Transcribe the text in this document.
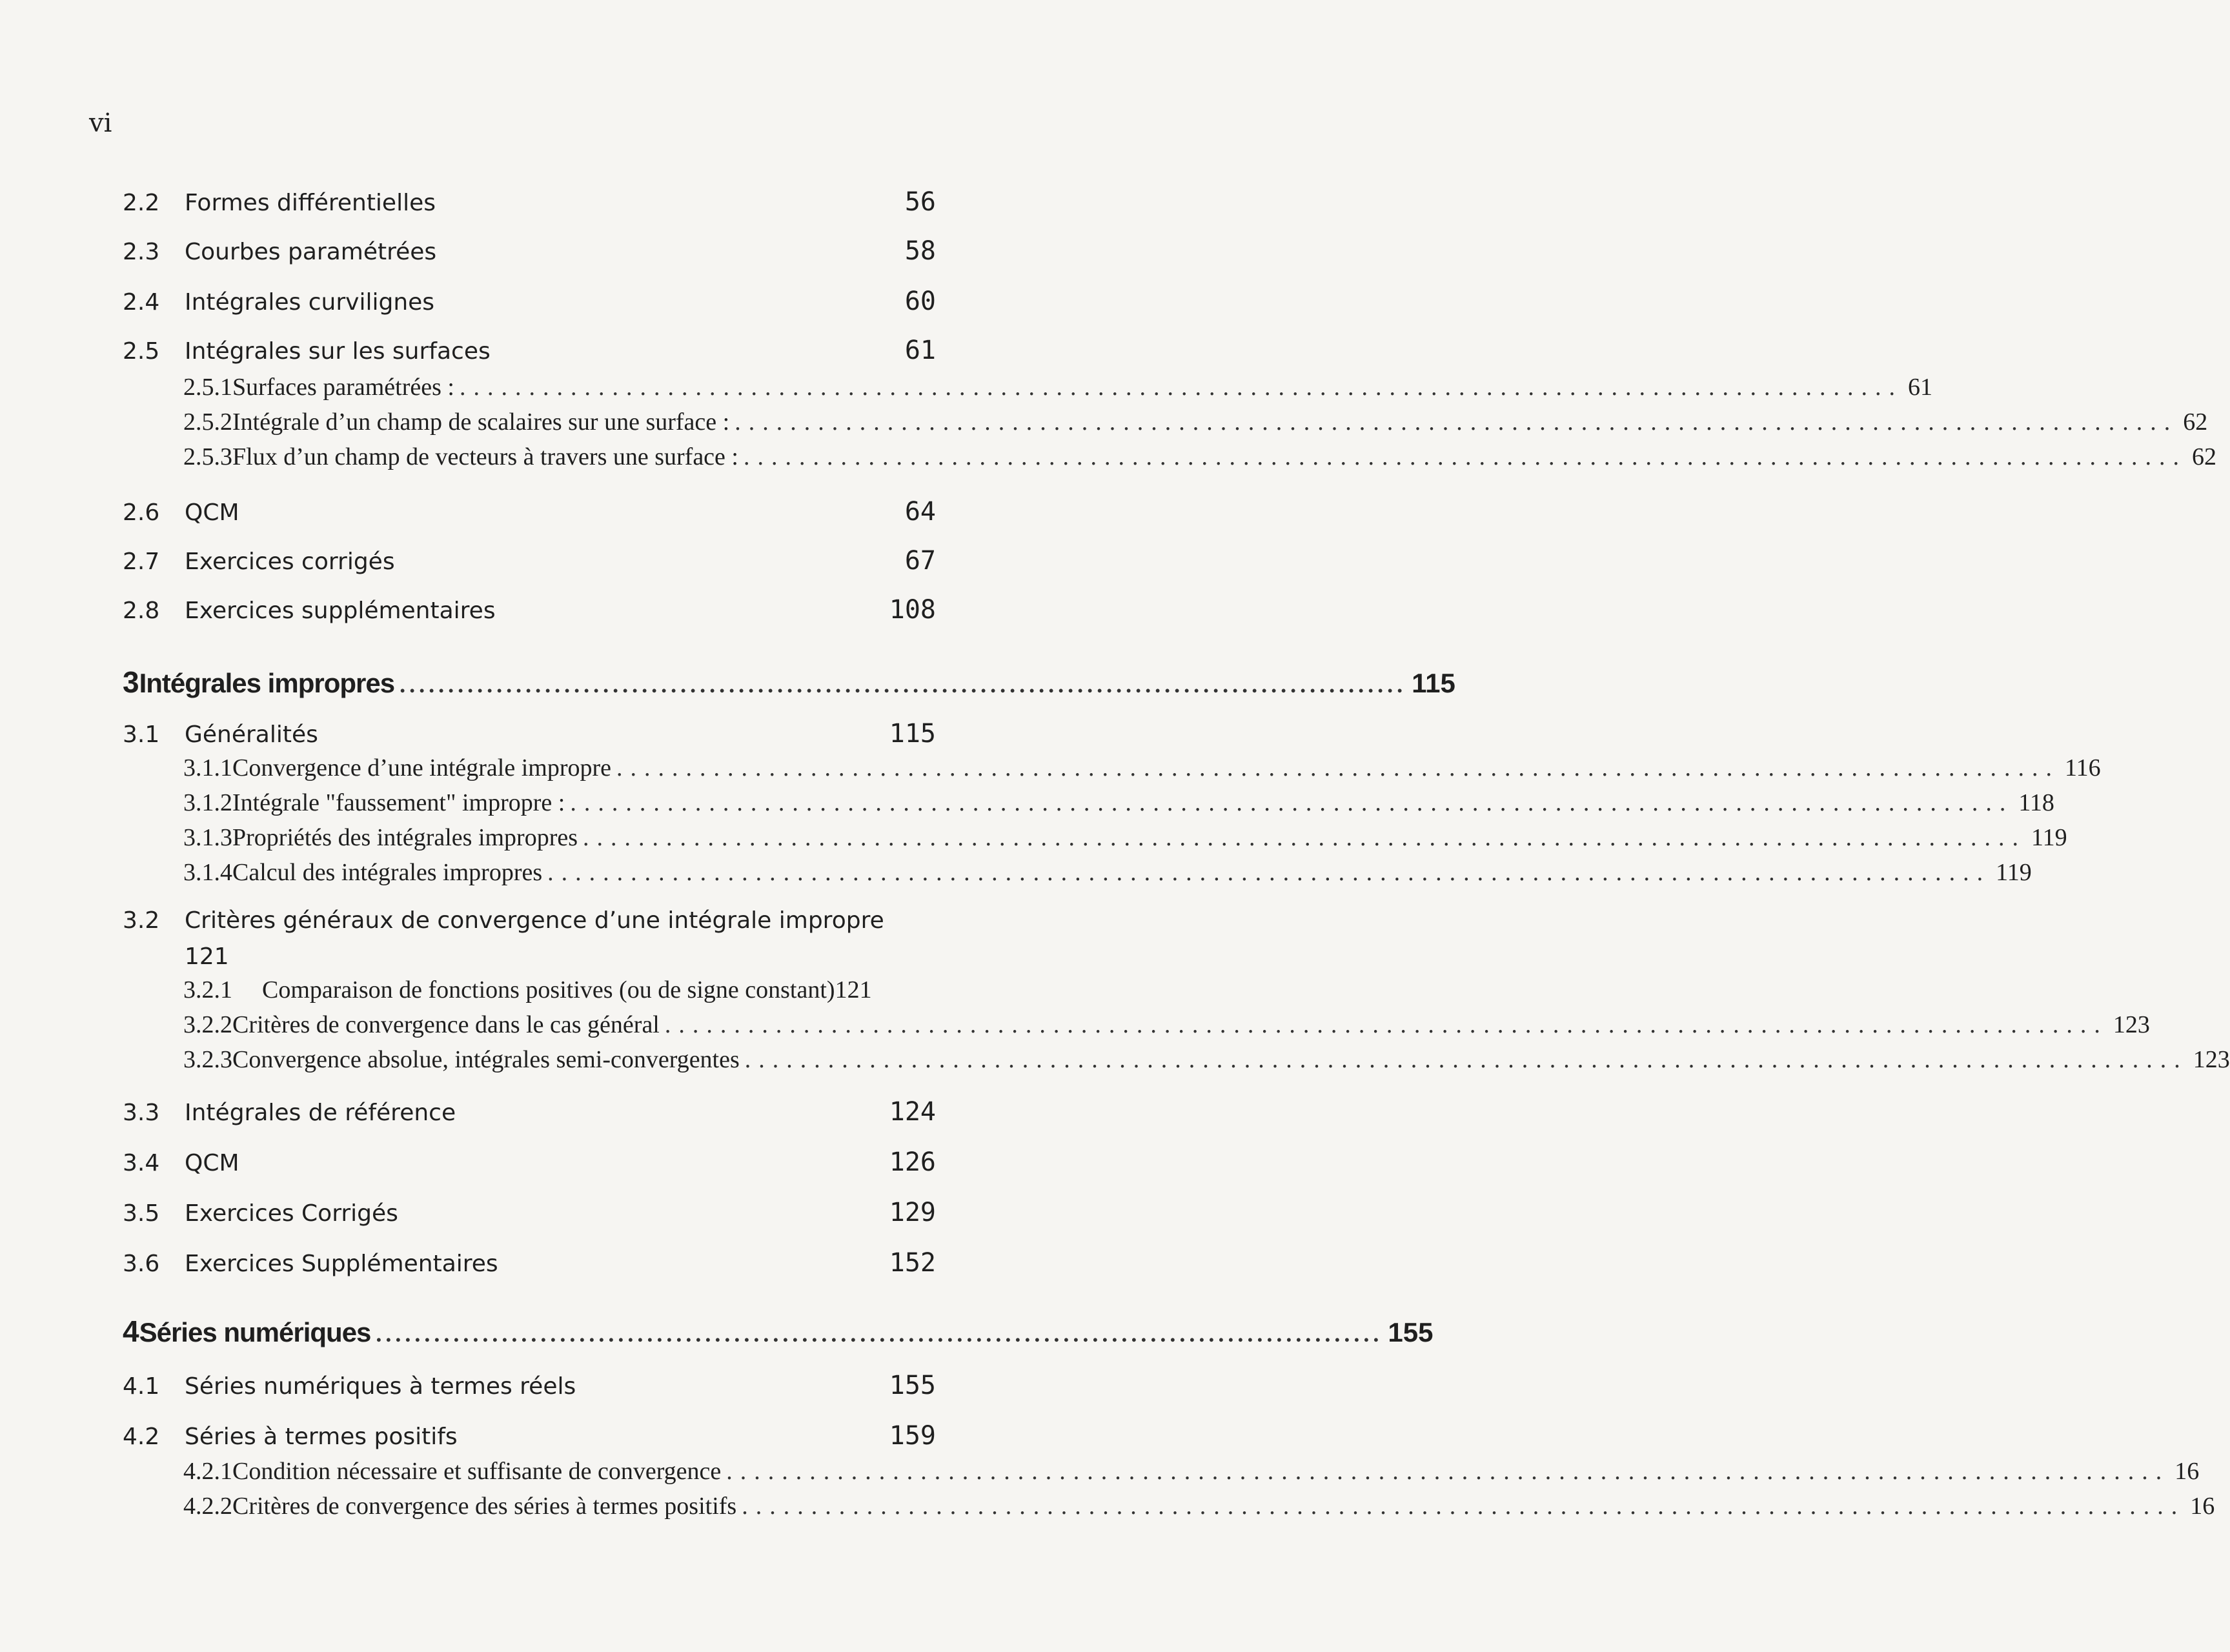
vi
2.2	Formes différentielles	56
2.3	Courbes paramétrées	58
2.4	Intégrales curvilignes	60
2.5	Intégrales sur les surfaces	61
2.5.1 Surfaces paramétrées : ........................................................................................................ 61
2.5.2 Intégrale d’un champ de scalaires sur une surface : ........................................................................................................ 62
2.5.3 Flux d’un champ de vecteurs à travers une surface : ........................................................................................................ 62
2.6	QCM	64
2.7	Exercices corrigés	67
2.8	Exercices supplémentaires	108
3 Intégrales impropres ........................................................................................................ 115
3.1	Généralités	115
3.1.1 Convergence d’une intégrale impropre ........................................................................................................ 116
3.1.2 Intégrale "faussement" impropre : ........................................................................................................ 118
3.1.3 Propriétés des intégrales impropres ........................................................................................................ 119
3.1.4 Calcul des intégrales impropres ........................................................................................................ 119
3.2	Critères généraux de convergence d’une intégrale impropre
121
3.2.1	Comparaison de fonctions positives (ou de signe constant) 121
3.2.2 Critères de convergence dans le cas général ........................................................................................................ 123
3.2.3 Convergence absolue, intégrales semi-convergentes ........................................................................................................ 123
3.3	Intégrales de référence	124
3.4	QCM	126
3.5	Exercices Corrigés	129
3.6	Exercices Supplémentaires	152
4 Séries numériques ........................................................................................................ 155
4.1	Séries numériques à termes réels	155
4.2	Séries à termes positifs	159
4.2.1 Condition nécessaire et suffisante de convergence ........................................................................................................ 16
4.2.2 Critères de convergence des séries à termes positifs ........................................................................................................ 16
